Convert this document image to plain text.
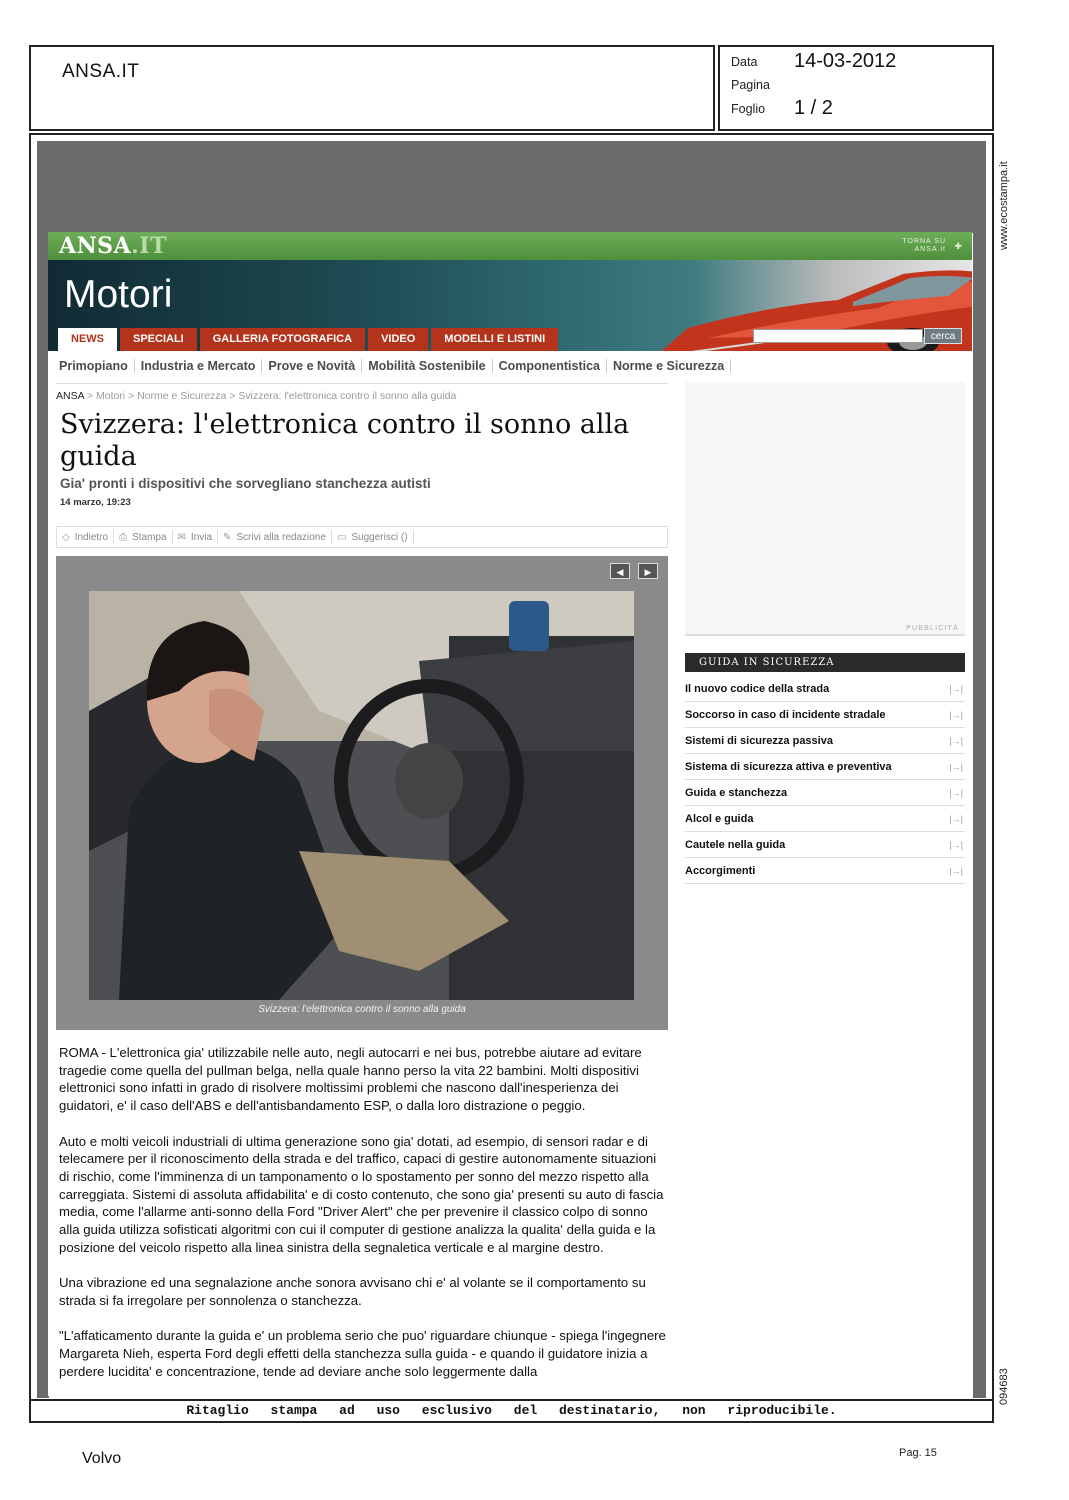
ANSA.IT	Data 14-03-2012
Pagina
Foglio 1 / 2
Ritaglio stampa ad uso esclusivo del destinatario, non riproducibile.
www.ecostampa.it
094683
ANSA.IT	TORNA SU
ANSA.it ✚
Motori
NEWS	SPECIALI	GALLERIA FOTOGRAFICA	VIDEO	MODELLI E LISTINI	cerca
Primopiano	Industria e Mercato	Prove e Novità	Mobilità Sostenibile	Componentistica	Norme e Sicurezza
ANSA > Motori > Norme e Sicurezza > Svizzera: l'elettronica contro il sonno alla guida
Svizzera: l'elettronica contro il sonno alla guida
Gia' pronti i dispositivi che sorvegliano stanchezza autisti
14 marzo, 19:23
◇ Indietro ⎙ Stampa ✉ Invia ✎ Scrivi alla redazione ▭ Suggerisci ()
◀	▶
Svizzera: l'elettronica contro il sonno alla guida

ROMA - L'elettronica gia' utilizzabile nelle auto, negli autocarri e nei bus, potrebbe aiutare ad evitare tragedie come quella del pullman belga, nella quale hanno perso la vita 22 bambini. Molti dispositivi elettronici sono infatti in grado di risolvere moltissimi problemi che nascono dall'inesperienza dei guidatori, e' il caso dell'ABS e dell'antisbandamento ESP, o dalla loro distrazione o peggio.

Auto e molti veicoli industriali di ultima generazione sono gia' dotati, ad esempio, di sensori radar e di telecamere per il riconoscimento della strada e del traffico, capaci di gestire autonomamente situazioni di rischio, come l'imminenza di un tamponamento o lo spostamento per sonno del mezzo rispetto alla carreggiata. Sistemi di assoluta affidabilita' e di costo contenuto, che sono gia' presenti su auto di fascia media, come l'allarme anti-sonno della Ford "Driver Alert" che per prevenire il classico colpo di sonno alla guida utilizza sofisticati algoritmi con cui il computer di gestione analizza la qualita' della guida e la posizione del veicolo rispetto alla linea sinistra della segnaletica verticale e al margine destro.

Una vibrazione ed una segnalazione anche sonora avvisano chi e' al volante se il comportamento su strada si fa irregolare per sonnolenza o stanchezza.

"L'affaticamento durante la guida e' un problema serio che puo' riguardare chiunque - spiega l'ingegnere Margareta Nieh, esperta Ford degli effetti della stanchezza sulla guida - e quando il guidatore inizia a perdere lucidita' e concentrazione, tende ad deviare anche solo leggermente dalla

PUBBLICITÀ
GUIDA IN SICUREZZA
Il nuovo codice della strada	|→|
Soccorso in caso di incidente stradale	|→|
Sistemi di sicurezza passiva	|→|
Sistema di sicurezza attiva e preventiva	|→|
Guida e stanchezza	|→|
Alcol e guida	|→|
Cautele nella guida	|→|
Accorgimenti	|→|
Volvo	Pag. 15
